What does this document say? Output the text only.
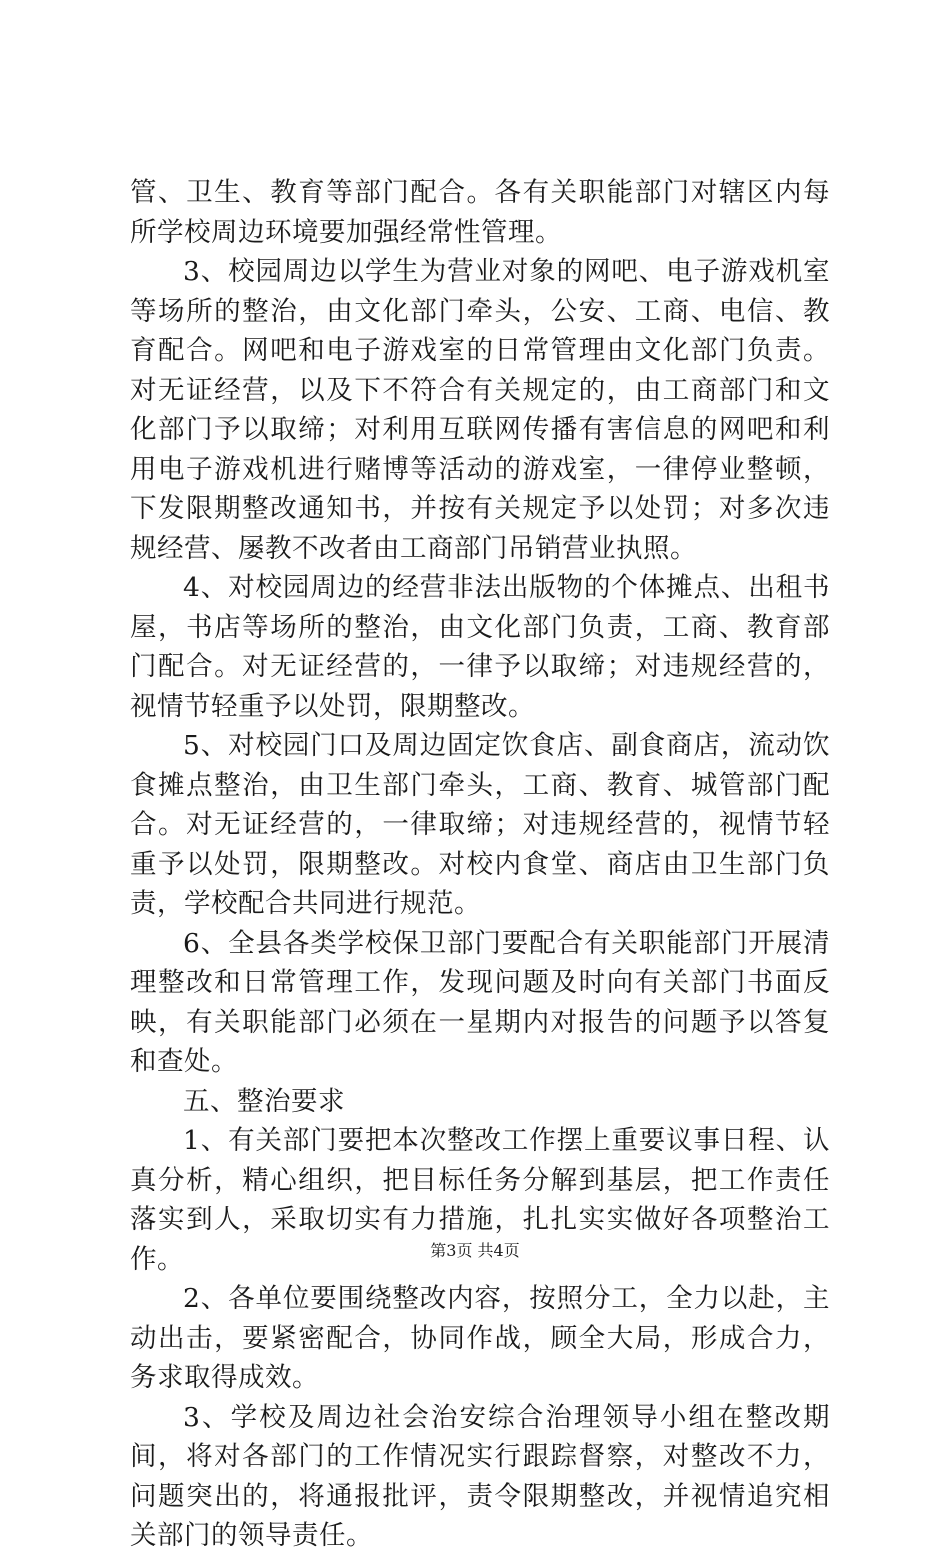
管、卫生、教育等部门配合。各有关职能部门对辖区内每所学校周边环境要加强经常性管理。

3、校园周边以学生为营业对象的网吧、电子游戏机室等场所的整治，由文化部门牵头，公安、工商、电信、教育配合。网吧和电子游戏室的日常管理由文化部门负责。对无证经营，以及下不符合有关规定的，由工商部门和文化部门予以取缔；对利用互联网传播有害信息的网吧和利用电子游戏机进行赌博等活动的游戏室，一律停业整顿，下发限期整改通知书，并按有关规定予以处罚；对多次违规经营、屡教不改者由工商部门吊销营业执照。

4、对校园周边的经营非法出版物的个体摊点、出租书屋，书店等场所的整治，由文化部门负责，工商、教育部门配合。对无证经营的，一律予以取缔；对违规经营的，视情节轻重予以处罚，限期整改。

5、对校园门口及周边固定饮食店、副食商店，流动饮食摊点整治，由卫生部门牵头，工商、教育、城管部门配合。对无证经营的，一律取缔；对违规经营的，视情节轻重予以处罚，限期整改。对校内食堂、商店由卫生部门负责，学校配合共同进行规范。

6、全县各类学校保卫部门要配合有关职能部门开展清理整改和日常管理工作，发现问题及时向有关部门书面反映，有关职能部门必须在一星期内对报告的问题予以答复和查处。

五、整治要求

1、有关部门要把本次整改工作摆上重要议事日程、认真分析，精心组织，把目标任务分解到基层，把工作责任落实到人，采取切实有力措施，扎扎实实做好各项整治工作。

2、各单位要围绕整改内容，按照分工，全力以赴，主动出击，要紧密配合，协同作战，顾全大局，形成合力，务求取得成效。

3、学校及周边社会治安综合治理领导小组在整改期间，将对各部门的工作情况实行跟踪督察，对整改不力，问题突出的，将通报批评，责令限期整改，并视情追究相关部门的领导责任。

第3页 共4页
